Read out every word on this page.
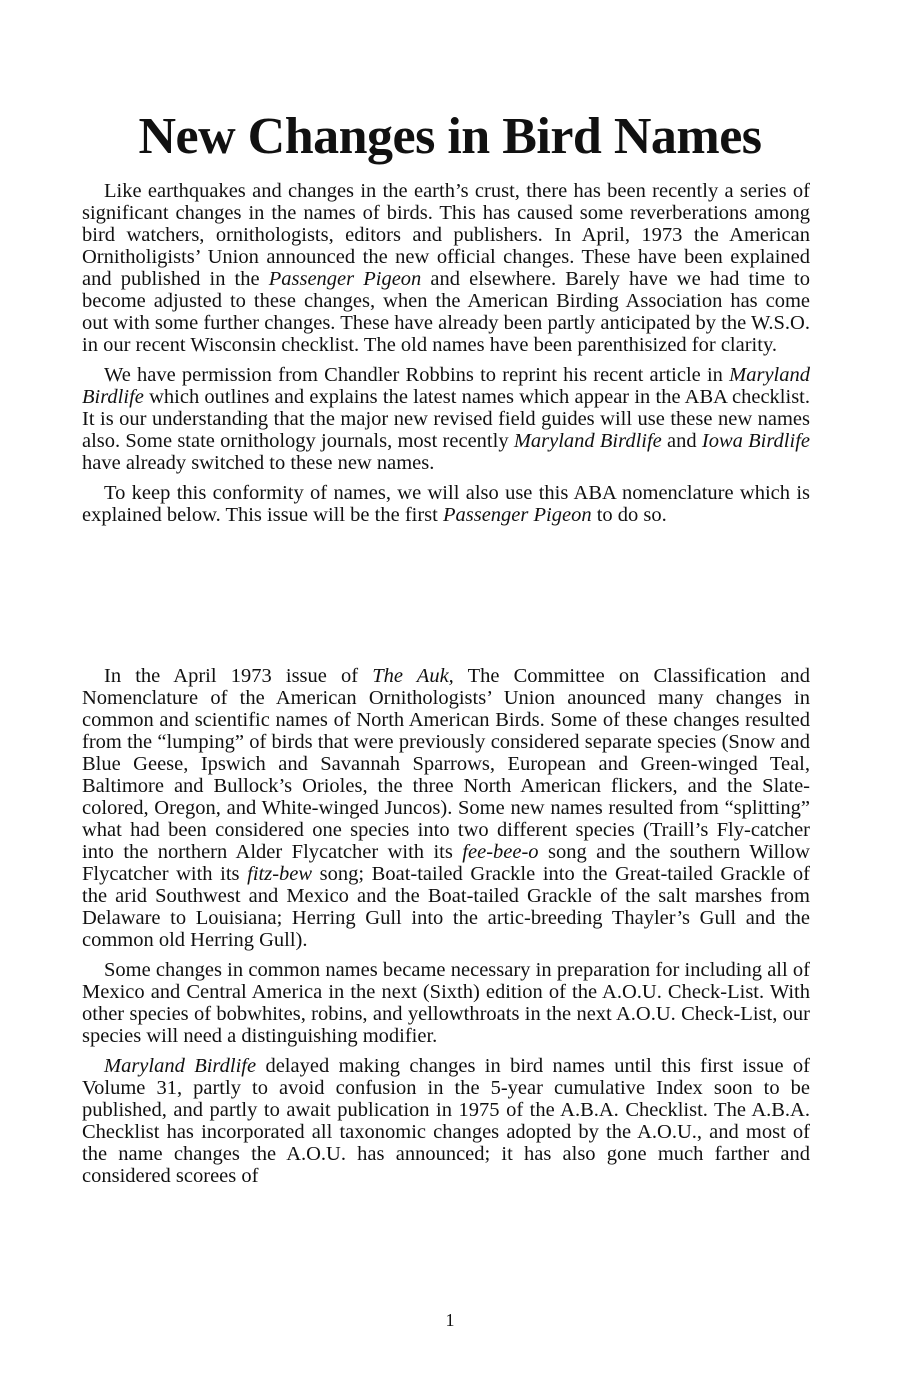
New Changes in Bird Names

Like earthquakes and changes in the earth’s crust, there has been recently a series of significant changes in the names of birds. This has caused some reverberations among bird watchers, ornithologists, editors and publishers. In April, 1973 the American Ornitholigists’ Union announced the new official changes. These have been explained and published in the Passenger Pigeon and elsewhere. Barely have we had time to become adjusted to these changes, when the American Birding Association has come out with some further changes. These have already been partly anticipated by the W.S.O. in our recent Wisconsin checklist. The old names have been parenthisized for clarity.

We have permission from Chandler Robbins to reprint his recent article in Maryland Birdlife which outlines and explains the latest names which appear in the ABA checklist. It is our understanding that the major new revised field guides will use these new names also. Some state ornithology journals, most recently Maryland Birdlife and Iowa Birdlife have already switched to these new names.

To keep this conformity of names, we will also use this ABA nomenclature which is explained below. This issue will be the first Passenger Pigeon to do so.

In the April 1973 issue of The Auk, The Committee on Classification and Nomenclature of the American Ornithologists’ Union anounced many changes in common and scientific names of North American Birds. Some of these changes resulted from the “lumping” of birds that were previously considered separate species (Snow and Blue Geese, Ipswich and Savannah Sparrows, European and Green-winged Teal, Baltimore and Bullock’s Orioles, the three North American flickers, and the Slate-colored, Oregon, and White-winged Juncos). Some new names resulted from “splitting” what had been considered one species into two different species (Traill’s Fly-catcher into the northern Alder Flycatcher with its fee-bee-o song and the southern Willow Flycatcher with its fitz-bew song; Boat-tailed Grackle into the Great-tailed Grackle of the arid Southwest and Mexico and the Boat-tailed Grackle of the salt marshes from Delaware to Louisiana; Herring Gull into the artic-breeding Thayler’s Gull and the common old Herring Gull).

Some changes in common names became necessary in preparation for including all of Mexico and Central America in the next (Sixth) edition of the A.O.U. Check-List. With other species of bobwhites, robins, and yellowthroats in the next A.O.U. Check-List, our species will need a distinguishing modifier.

Maryland Birdlife delayed making changes in bird names until this first issue of Volume 31, partly to avoid confusion in the 5-year cumulative Index soon to be published, and partly to await publication in 1975 of the A.B.A. Checklist. The A.B.A. Checklist has incorporated all taxonomic changes adopted by the A.O.U., and most of the name changes the A.O.U. has announced; it has also gone much farther and considered scorees of

1
